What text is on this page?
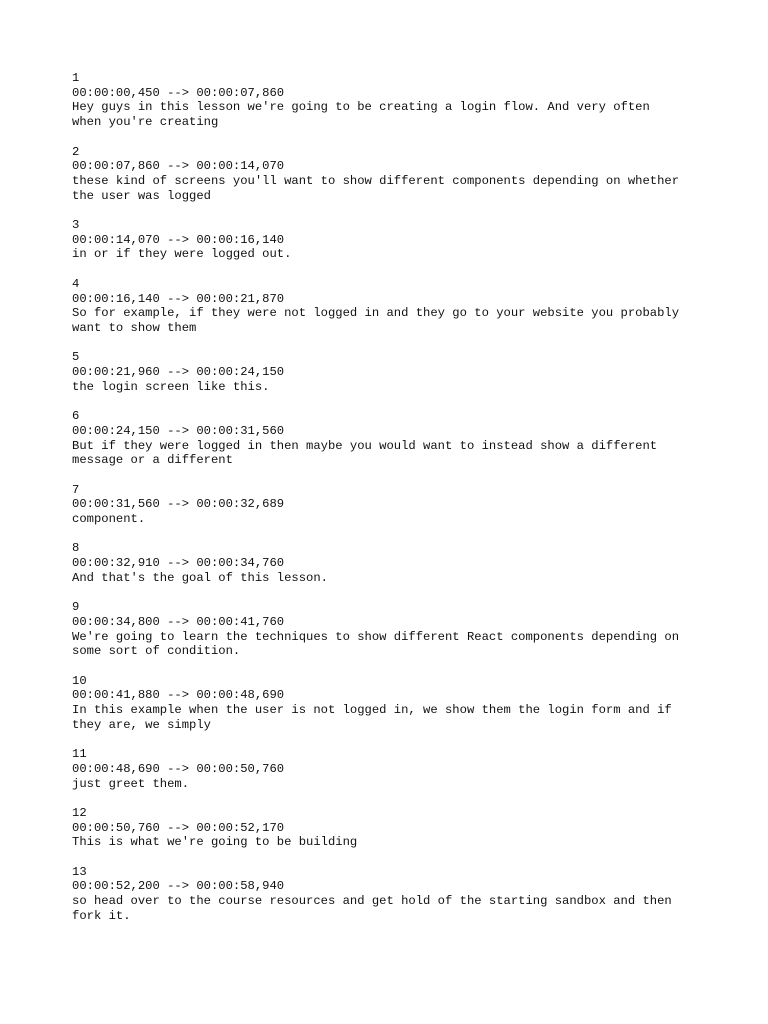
1
00:00:00,450 --> 00:00:07,860
Hey guys in this lesson we're going to be creating a login flow. And very often
when you're creating
2
00:00:07,860 --> 00:00:14,070
these kind of screens you'll want to show different components depending on whether
the user was logged
3
00:00:14,070 --> 00:00:16,140
in or if they were logged out.
4
00:00:16,140 --> 00:00:21,870
So for example, if they were not logged in and they go to your website you probably
want to show them
5
00:00:21,960 --> 00:00:24,150
the login screen like this.
6
00:00:24,150 --> 00:00:31,560
But if they were logged in then maybe you would want to instead show a different
message or a different
7
00:00:31,560 --> 00:00:32,689
component.
8
00:00:32,910 --> 00:00:34,760
And that's the goal of this lesson.
9
00:00:34,800 --> 00:00:41,760
We're going to learn the techniques to show different React components depending on
some sort of condition.
10
00:00:41,880 --> 00:00:48,690
In this example when the user is not logged in, we show them the login form and if
they are, we simply
11
00:00:48,690 --> 00:00:50,760
just greet them.
12
00:00:50,760 --> 00:00:52,170
This is what we're going to be building
13
00:00:52,200 --> 00:00:58,940
so head over to the course resources and get hold of the starting sandbox and then
fork it.
